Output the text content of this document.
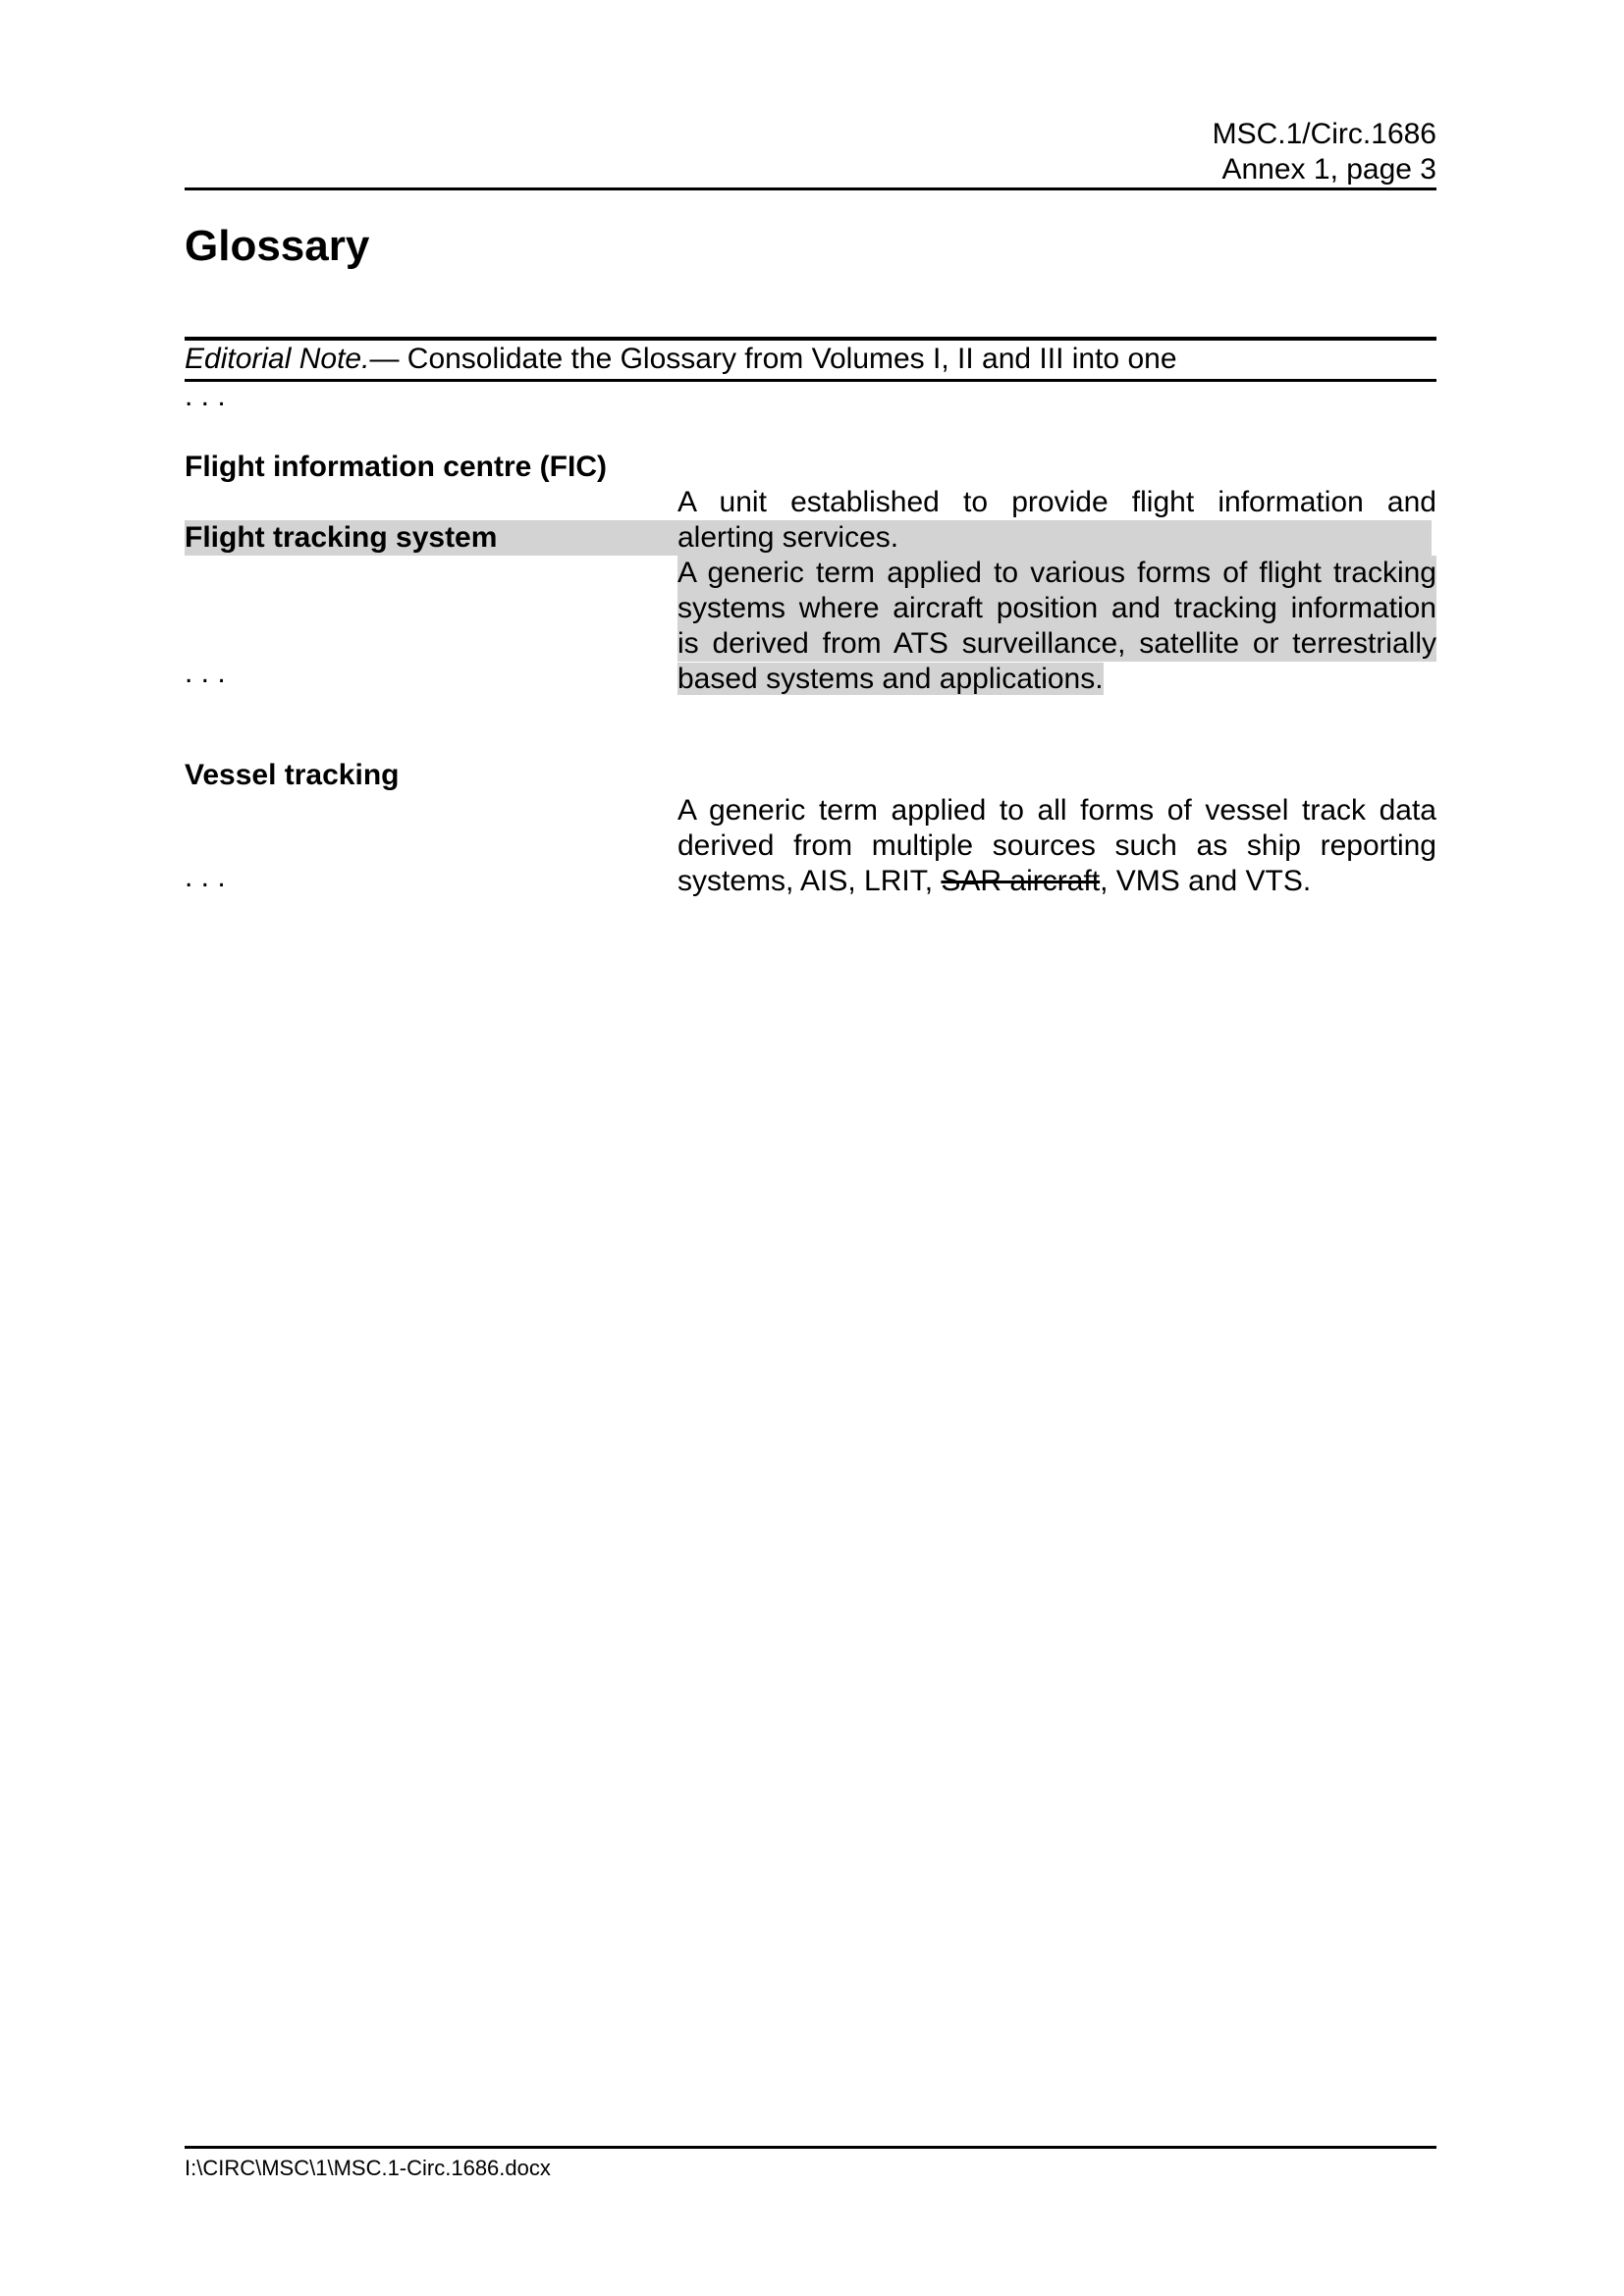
MSC.1/Circ.1686
Annex 1, page 3
Glossary
Editorial Note.— Consolidate the Glossary from Volumes I, II and III into one
. . .
Flight information centre (FIC)
A unit established to provide flight information and
alerting services.
Flight tracking system
A generic term applied to various forms of flight tracking
systems where aircraft position and tracking information
is derived from ATS surveillance, satellite or terrestrially
based systems and applications.
. . .
Vessel tracking
A generic term applied to all forms of vessel track data
derived from multiple sources such as ship reporting
systems, AIS, LRIT, SAR aircraft, VMS and VTS.
. . .
I:\CIRC\MSC\1\MSC.1-Circ.1686.docx
